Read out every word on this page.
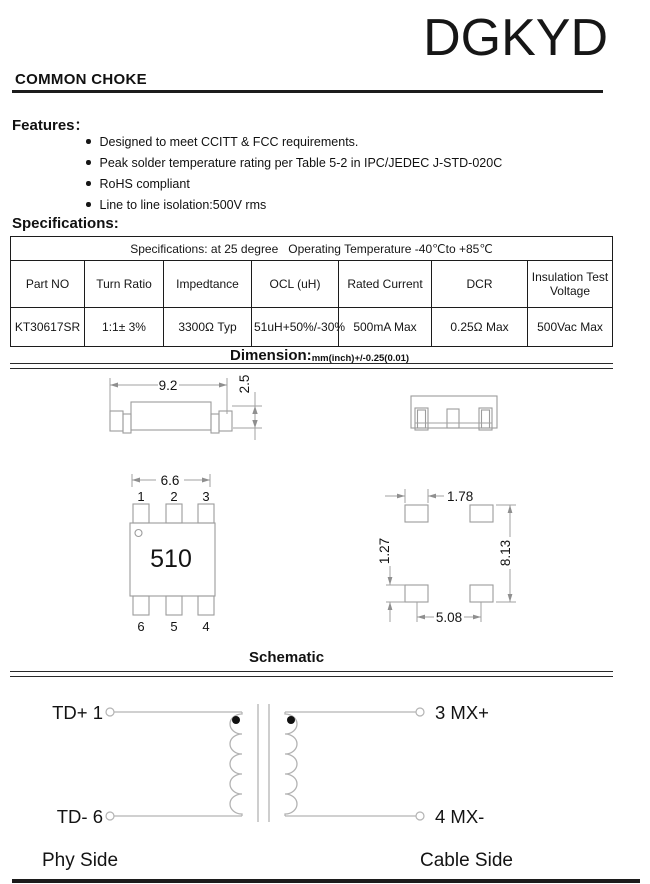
DGKYD
COMMON CHOKE
Features：
Designed to meet CCITT & FCC requirements.
Peak solder temperature rating per Table 5-2 in IPC/JEDEC J-STD-020C
RoHS compliant
Line to line isolation:500V rms
Specifications:
Specifications: at 25 degree   Operating Temperature -40℃to +85℃						
Part NO	Turn Ratio	Impedtance	OCL (uH)	Rated Current	DCR	Insulation Test Voltage
KT30617SR	1:1± 3%	3300Ω Typ	51uH+50%/-30%	500mA Max	0.25Ω Max	500Vac Max
Dimension:mm(inch)+/-0.25(0.01)
9.2	2.5
6.6
1 2 3
510
6 5 4
1.78
8.13
1.27
5.08
Schematic
TD+ 1
TD- 6
3 MX+
4 MX-
Phy Side	Cable Side
